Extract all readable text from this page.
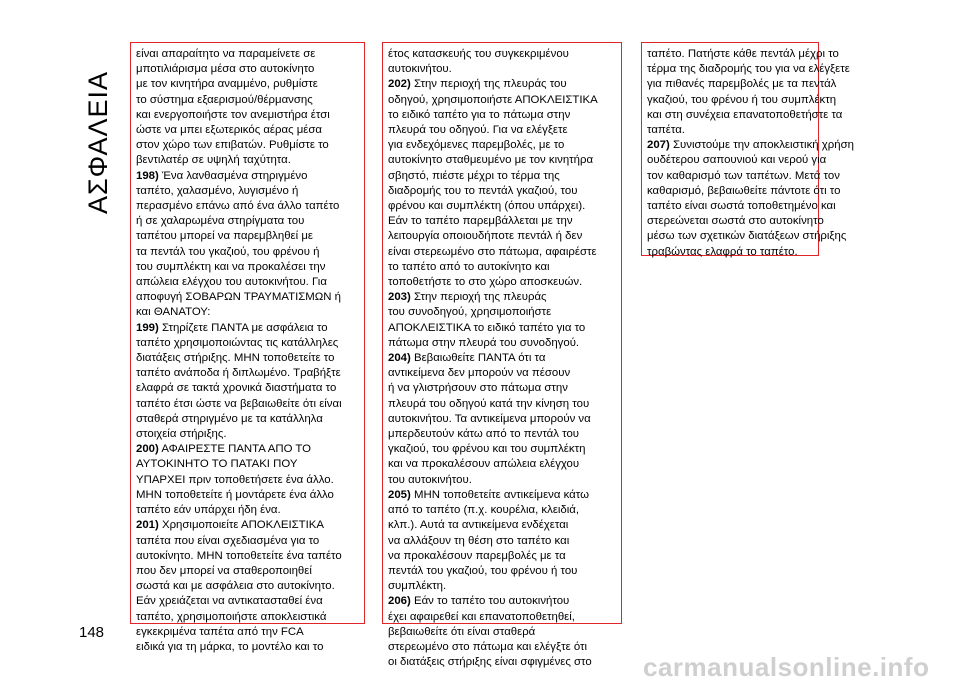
ΑΣΦΑΛΕΙΑ
είναι απαραίτητο να παραμείνετε σε
μποτιλιάρισμα μέσα στο αυτοκίνητο
με τον κινητήρα αναμμένο, ρυθμίστε
το σύστημα εξαερισμού/θέρμανσης
και ενεργοποιήστε τον ανεμιστήρα έτσι
ώστε να μπει εξωτερικός αέρας μέσα
στον χώρο των επιβατών. Ρυθμίστε το
βεντιλατέρ σε υψηλή ταχύτητα.
198) Ένα λανθασμένα στηριγμένο
ταπέτο, χαλασμένο, λυγισμένο ή
περασμένο επάνω από ένα άλλο ταπέτο
ή σε χαλαρωμένα στηρίγματα του
ταπέτου μπορεί να παρεμβληθεί με
τα πεντάλ του γκαζιού, του φρένου ή
του συμπλέκτη και να προκαλέσει την
απώλεια ελέγχου του αυτοκινήτου. Για
αποφυγή ΣΟΒΑΡΩΝ ΤΡΑΥΜΑΤΙΣΜΩΝ ή
και ΘΑΝΑΤΟΥ:
199) Στηρίζετε ΠΑΝΤΑ με ασφάλεια το
ταπέτο χρησιμοποιώντας τις κατάλληλες
διατάξεις στήριξης. ΜΗΝ τοποθετείτε το
ταπέτο ανάποδα ή διπλωμένο. Τραβήξτε
ελαφρά σε τακτά χρονικά διαστήματα το
ταπέτο έτσι ώστε να βεβαιωθείτε ότι είναι
σταθερά στηριγμένο με τα κατάλληλα
στοιχεία στήριξης.
200) ΑΦΑΙΡΕΣΤΕ ΠΑΝΤΑ ΑΠΟ ΤΟ
ΑΥΤΟΚΙΝΗΤΟ ΤΟ ΠΑΤΑΚΙ ΠΟΥ
ΥΠΑΡΧΕΙ πριν τοποθετήσετε ένα άλλο.
ΜΗΝ τοποθετείτε ή μοντάρετε ένα άλλο
ταπέτο εάν υπάρχει ήδη ένα.
201) Χρησιμοποιείτε ΑΠΟΚΛΕΙΣΤΙΚΑ
ταπέτα που είναι σχεδιασμένα για το
αυτοκίνητο. ΜΗΝ τοποθετείτε ένα ταπέτο
που δεν μπορεί να σταθεροποιηθεί
σωστά και με ασφάλεια στο αυτοκίνητο.
Εάν χρειάζεται να αντικατασταθεί ένα
ταπέτο, χρησιμοποιήστε αποκλειστικά
εγκεκριμένα ταπέτα από την FCA
ειδικά για τη μάρκα, το μοντέλο και το
έτος κατασκευής του συγκεκριμένου
αυτοκινήτου.
202) Στην περιοχή της πλευράς του
οδηγού, χρησιμοποιήστε ΑΠΟΚΛΕΙΣΤΙΚΑ
το ειδικό ταπέτο για το πάτωμα στην
πλευρά του οδηγού. Για να ελέγξετε
για ενδεχόμενες παρεμβολές, με το
αυτοκίνητο σταθμευμένο με τον κινητήρα
σβηστό, πιέστε μέχρι το τέρμα της
διαδρομής του το πεντάλ γκαζιού, του
φρένου και συμπλέκτη (όπου υπάρχει).
Εάν το ταπέτο παρεμβάλλεται με την
λειτουργία οποιουδήποτε πεντάλ ή δεν
είναι στερεωμένο στο πάτωμα, αφαιρέστε
το ταπέτο από το αυτοκίνητο και
τοποθετήστε το στο χώρο αποσκευών.
203) Στην περιοχή της πλευράς
του συνοδηγού, χρησιμοποιήστε
ΑΠΟΚΛΕΙΣΤΙΚΑ το ειδικό ταπέτο για το
πάτωμα στην πλευρά του συνοδηγού.
204) Βεβαιωθείτε ΠΑΝΤΑ ότι τα
αντικείμενα δεν μπορούν να πέσουν
ή να γλιστρήσουν στο πάτωμα στην
πλευρά του οδηγού κατά την κίνηση του
αυτοκινήτου. Τα αντικείμενα μπορούν να
μπερδευτούν κάτω από το πεντάλ του
γκαζιού, του φρένου και του συμπλέκτη
και να προκαλέσουν απώλεια ελέγχου
του αυτοκινήτου.
205) ΜΗΝ τοποθετείτε αντικείμενα κάτω
από το ταπέτο (π.χ. κουρέλια, κλειδιά,
κλπ.). Αυτά τα αντικείμενα ενδέχεται
να αλλάξουν τη θέση στο ταπέτο και
να προκαλέσουν παρεμβολές με τα
πεντάλ του γκαζιού, του φρένου ή του
συμπλέκτη.
206) Εάν το ταπέτο του αυτοκινήτου
έχει αφαιρεθεί και επανατοποθετηθεί,
βεβαιωθείτε ότι είναι σταθερά
στερεωμένο στο πάτωμα και ελέγξτε ότι
οι διατάξεις στήριξης είναι σφιγμένες στο
ταπέτο. Πατήστε κάθε πεντάλ μέχρι το
τέρμα της διαδρομής του για να ελέγξετε
για πιθανές παρεμβολές με τα πεντάλ
γκαζιού, του φρένου ή του συμπλέκτη
και στη συνέχεια επανατοποθετήστε τα
ταπέτα.
207) Συνιστούμε την αποκλειστική χρήση
ουδέτερου σαπουνιού και νερού για
τον καθαρισμό των ταπέτων. Μετά τον
καθαρισμό, βεβαιωθείτε πάντοτε ότι το
ταπέτο είναι σωστά τοποθετημένο και
στερεώνεται σωστά στο αυτοκίνητο
μέσω των σχετικών διατάξεων στήριξης
τραβώντας ελαφρά το ταπέτο.
148
carmanualsonline.info
